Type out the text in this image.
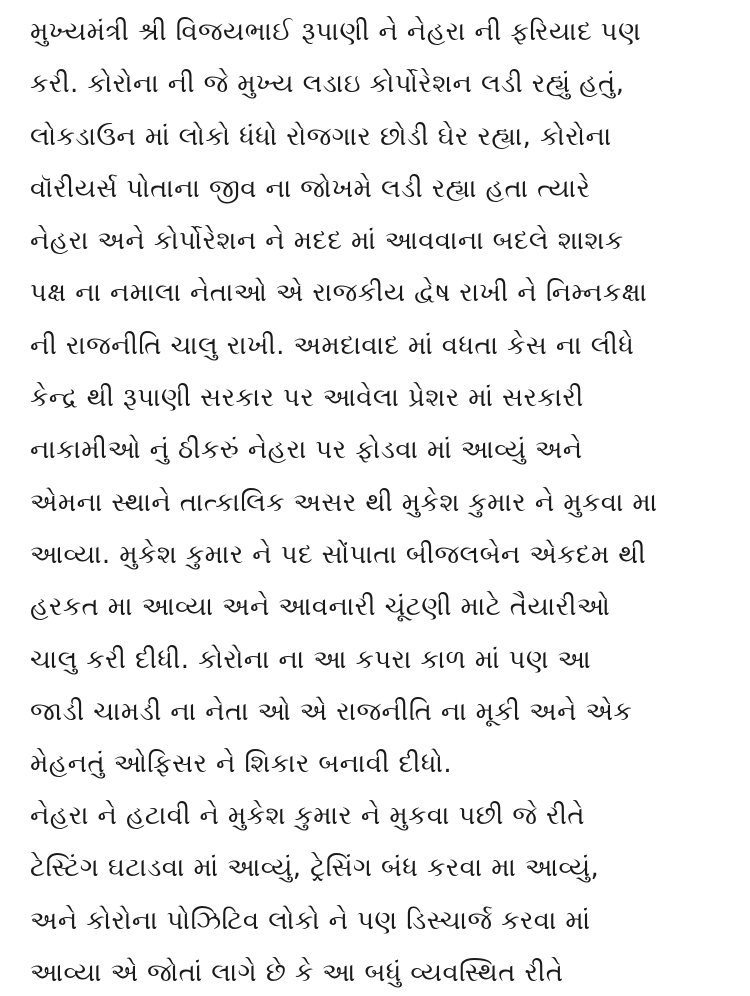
મુખ્યમંત્રી શ્રી વિજયભાઈ રૂપાણી ને નેહરા ની ફરિયાદ પણ
કરી. કોરોના ની જે મુખ્ય લડાઇ કોર્પોરેશન લડી રહ્યું હતું,
લોકડાઉન માં લોકો ધંધો રોજગાર છોડી ઘેર રહ્યા, કોરોના
વૉરીયર્સ પોતાના જીવ ના જોખમે લડી રહ્યા હતા ત્યારે
નેહરા અને કોર્પોરેશન ને મદદ માં આવવાના બદલે શાશક
પક્ષ ના નમાલા નેતાઓ એ રાજકીય દ્વેષ રાખી ને નિમ્નકક્ષા
ની રાજનીતિ ચાલુ રાખી. અમદાવાદ માં વધતા કેસ ના લીધે
કેન્દ્ર થી રૂપાણી સરકાર પર આવેલા પ્રેશર માં સરકારી
નાકામીઓ નું ઠીકરું નેહરા પર ફોડવા માં આવ્યું અને
એમના સ્થાને તાત્કાલિક અસર થી મુકેશ કુમાર ને મુકવા મા
આવ્યા. મુકેશ કુમાર ને પદ સોંપાતા બીજલબેન એકદમ થી
હરકત મા આવ્યા અને આવનારી ચૂંટણી માટે તૈયારીઓ
ચાલુ કરી દીધી. કોરોના ના આ કપરા કાળ માં પણ આ
જાડી ચામડી ના નેતા ઓ એ રાજનીતિ ના મૂકી અને એક
મેહનતું ઓફિસર ને શિકાર બનાવી દીધો.
નેહરા ને હટાવી ને મુકેશ કુમાર ને મુકવા પછી જે રીતે
ટેસ્ટિંગ ઘટાડવા માં આવ્યું, ટ્રેસિંગ બંધ કરવા મા આવ્યું,
અને કોરોના પોઝિટિવ લોકો ને પણ ડિસ્ચાર્જ કરવા માં
આવ્યા એ જોતાં લાગે છે કે આ બધું વ્યવસ્થિત રીતે
